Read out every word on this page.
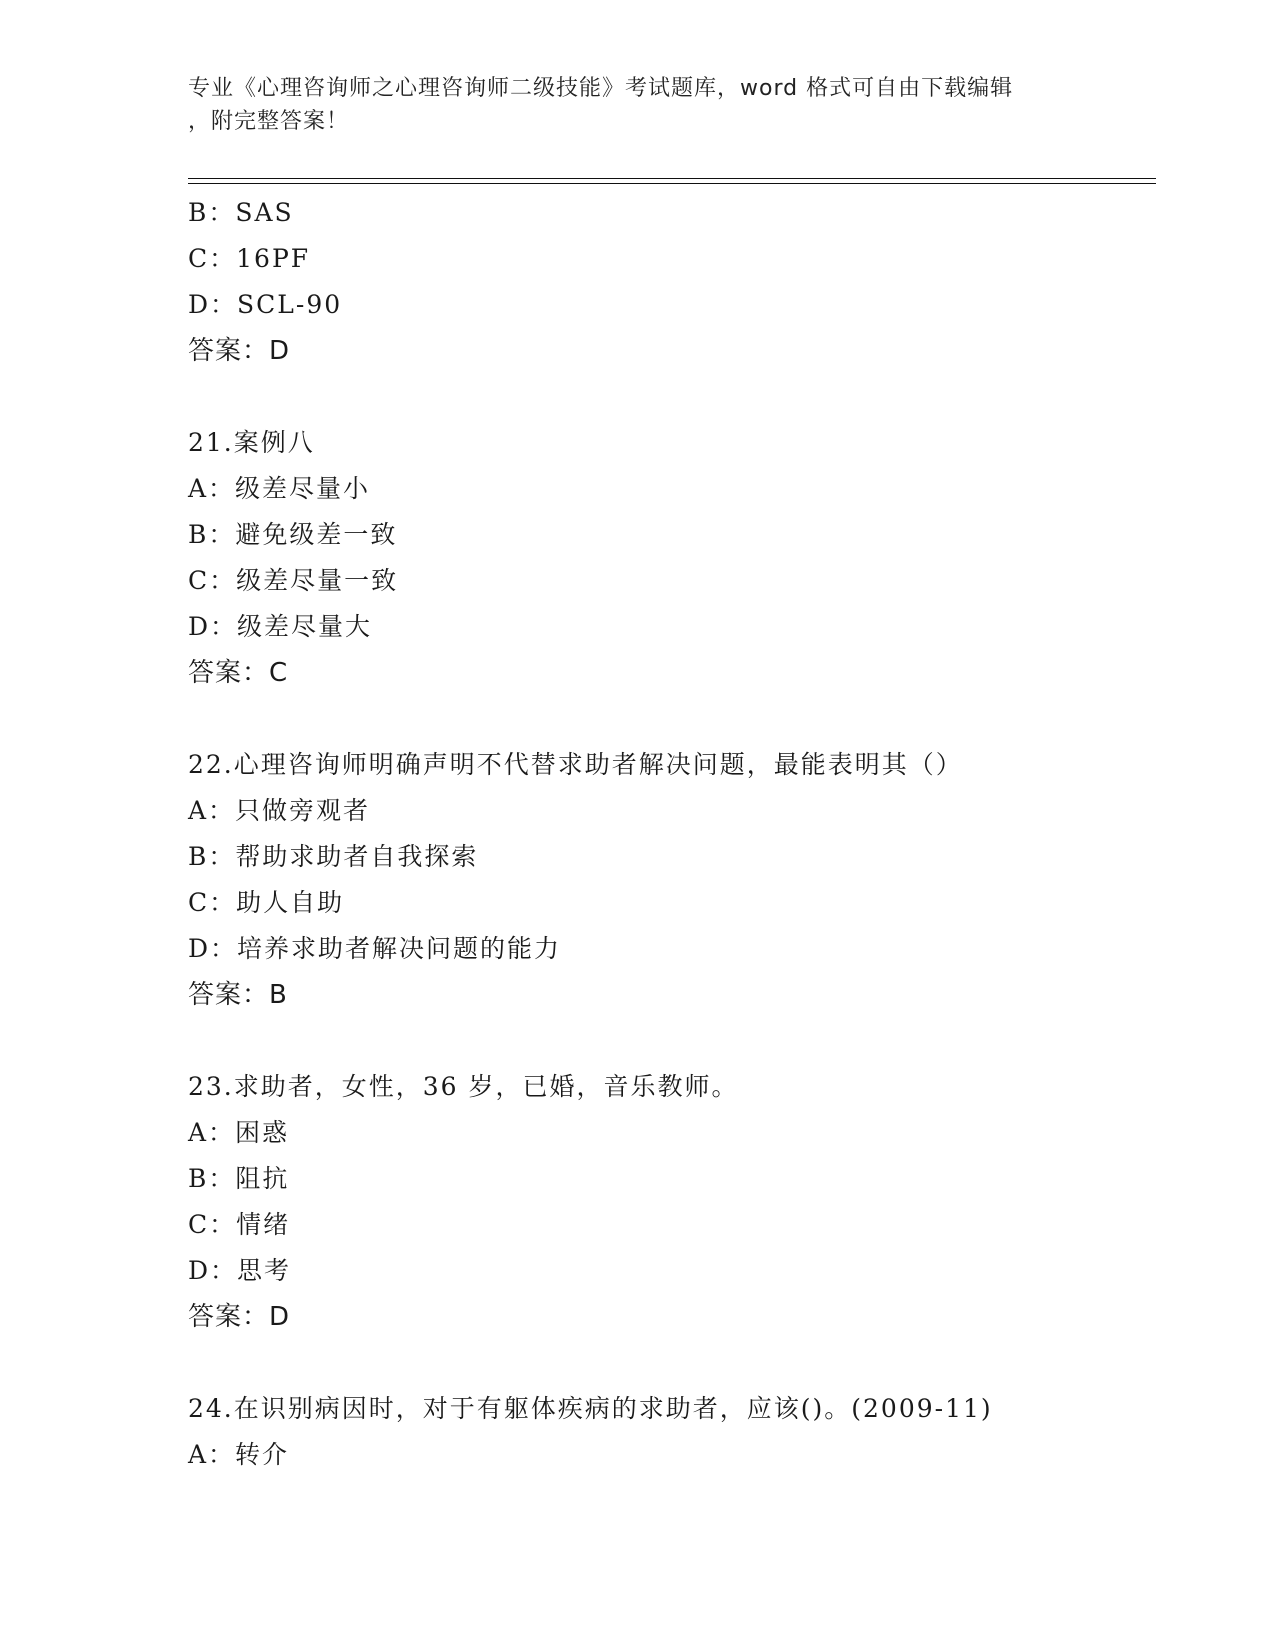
专业《心理咨询师之心理咨询师二级技能》考试题库，word 格式可自由下载编辑
，附完整答案！
B：SAS
C：16PF
D：SCL-90
答案：D
21.案例八
A：级差尽量小
B：避免级差一致
C：级差尽量一致
D：级差尽量大
答案：C
22.心理咨询师明确声明不代替求助者解决问题，最能表明其（）
A：只做旁观者
B：帮助求助者自我探索
C：助人自助
D：培养求助者解决问题的能力
答案：B
23.求助者，女性，36 岁，已婚，音乐教师。
A：困惑
B：阻抗
C：情绪
D：思考
答案：D
24.在识别病因时，对于有躯体疾病的求助者，应该()。(2009-11)
A：转介
